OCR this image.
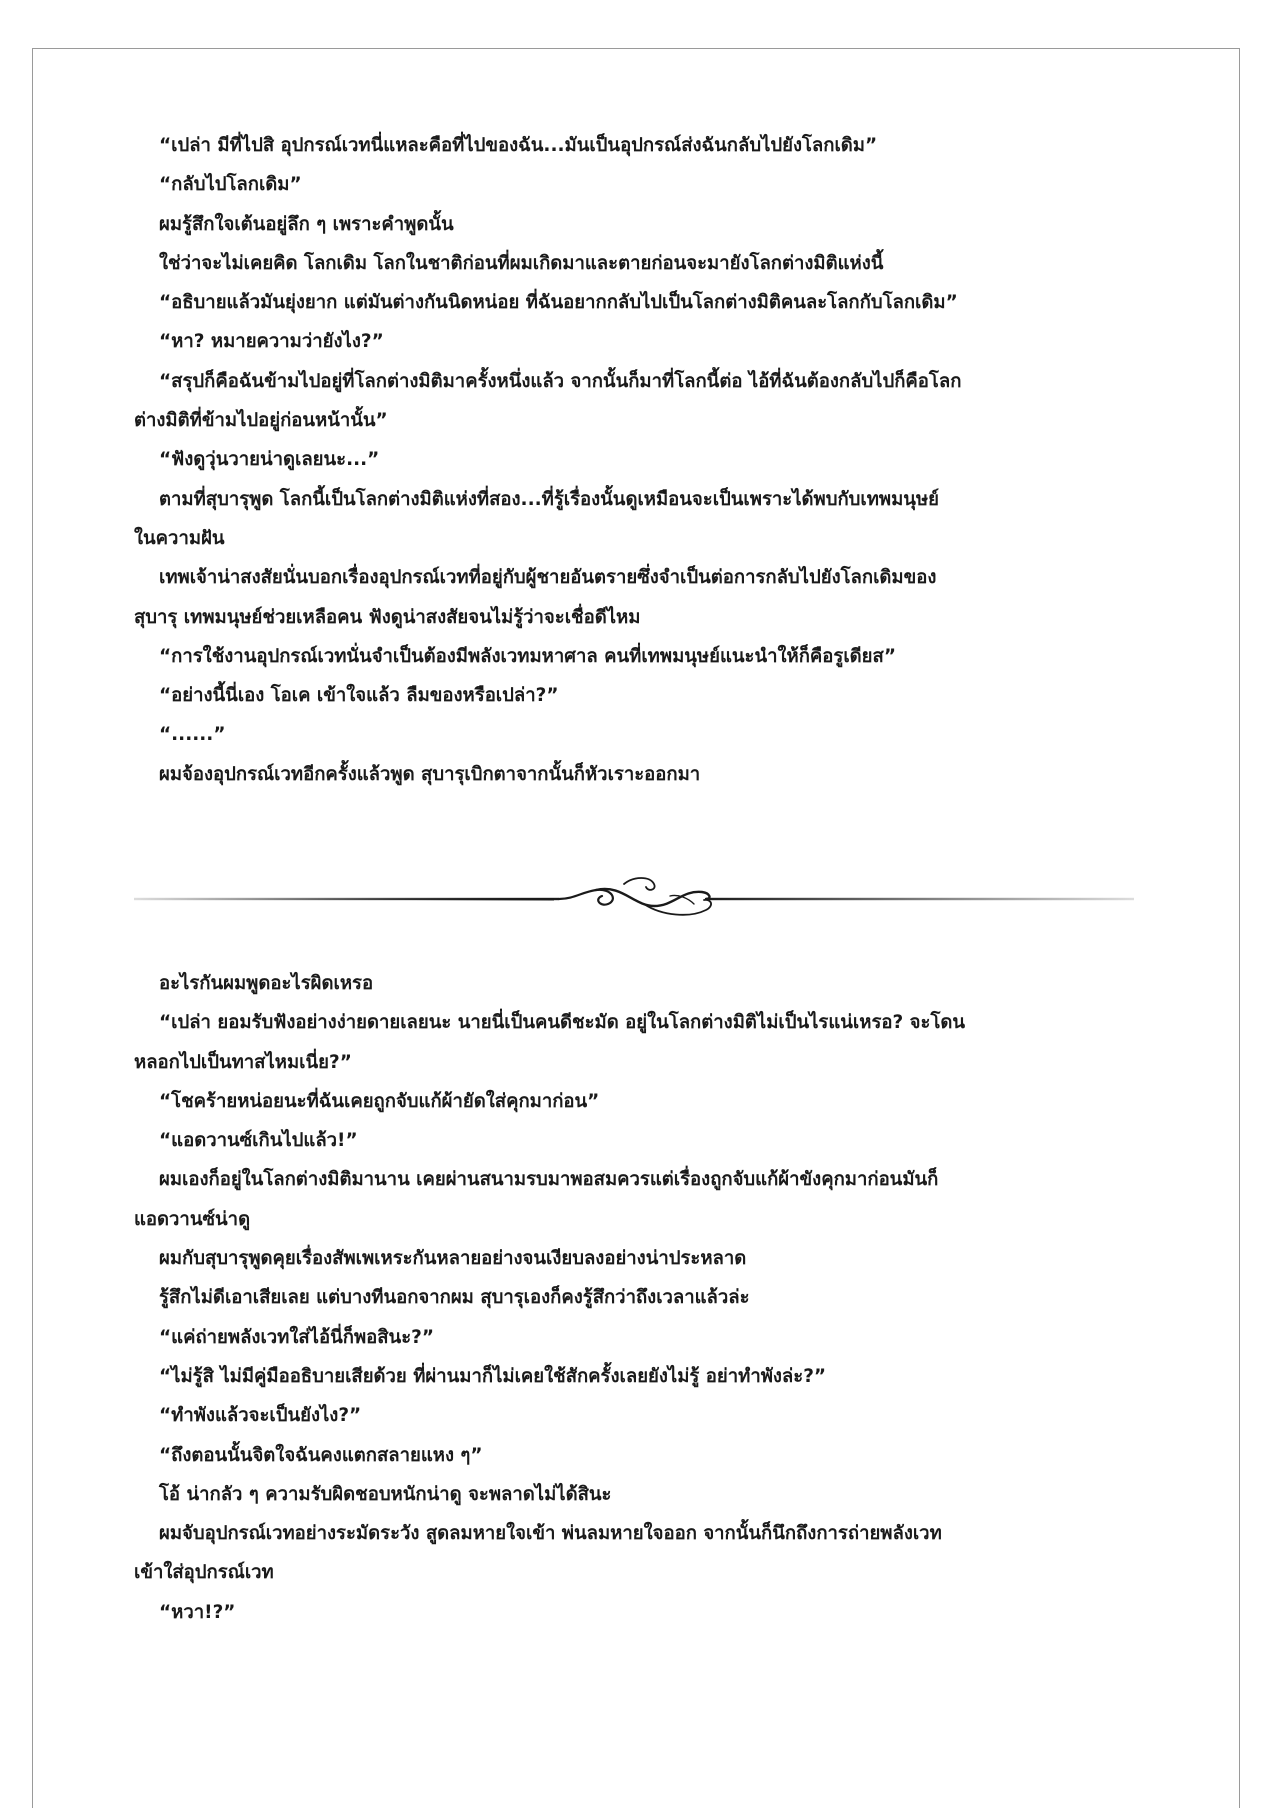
“เปล่า มีที่ไปสิ อุปกรณ์เวทนี่แหละคือที่ไปของฉัน...มันเป็นอุปกรณ์ส่งฉันกลับไปยังโลกเดิม”

“กลับไปโลกเดิม”

ผมรู้สึกใจเต้นอยู่ลึก ๆ เพราะคำพูดนั้น

ใช่ว่าจะไม่เคยคิด โลกเดิม โลกในชาติก่อนที่ผมเกิดมาและตายก่อนจะมายังโลกต่างมิติแห่งนี้

“อธิบายแล้วมันยุ่งยาก แต่มันต่างกันนิดหน่อย ที่ฉันอยากกลับไปเป็นโลกต่างมิติคนละโลกกับโลกเดิม”

“หา? หมายความว่ายังไง?”

“สรุปก็คือฉันข้ามไปอยู่ที่โลกต่างมิติมาครั้งหนึ่งแล้ว จากนั้นก็มาที่โลกนี้ต่อ ไอ้ที่ฉันต้องกลับไปก็คือโลก

ต่างมิติที่ข้ามไปอยู่ก่อนหน้านั้น”

“ฟังดูวุ่นวายน่าดูเลยนะ...”

ตามที่สุบารุพูด โลกนี้เป็นโลกต่างมิติแห่งที่สอง...ที่รู้เรื่องนั้นดูเหมือนจะเป็นเพราะได้พบกับเทพมนุษย์

ในความฝัน

เทพเจ้าน่าสงสัยนั่นบอกเรื่องอุปกรณ์เวทที่อยู่กับผู้ชายอันตรายซึ่งจำเป็นต่อการกลับไปยังโลกเดิมของ

สุบารุ เทพมนุษย์ช่วยเหลือคน ฟังดูน่าสงสัยจนไม่รู้ว่าจะเชื่อดีไหม

“การใช้งานอุปกรณ์เวทนั่นจำเป็นต้องมีพลังเวทมหาศาล คนที่เทพมนุษย์แนะนำให้ก็คือรูเดียส”

“อย่างนี้นี่เอง โอเค เข้าใจแล้ว ลืมของหรือเปล่า?”

“......”

ผมจ้องอุปกรณ์เวทอีกครั้งแล้วพูด สุบารุเบิกตาจากนั้นก็หัวเราะออกมา

อะไรกันผมพูดอะไรผิดเหรอ

“เปล่า ยอมรับฟังอย่างง่ายดายเลยนะ นายนี่เป็นคนดีชะมัด อยู่ในโลกต่างมิติไม่เป็นไรแน่เหรอ? จะโดน

หลอกไปเป็นทาสไหมเนี่ย?”

“โชคร้ายหน่อยนะที่ฉันเคยถูกจับแก้ผ้ายัดใส่คุกมาก่อน”

“แอดวานซ์เกินไปแล้ว!”

ผมเองก็อยู่ในโลกต่างมิติมานาน เคยผ่านสนามรบมาพอสมควรแต่เรื่องถูกจับแก้ผ้าขังคุกมาก่อนมันก็

แอดวานซ์น่าดู

ผมกับสุบารุพูดคุยเรื่องสัพเพเหระกันหลายอย่างจนเงียบลงอย่างน่าประหลาด

รู้สึกไม่ดีเอาเสียเลย แต่บางทีนอกจากผม สุบารุเองก็คงรู้สึกว่าถึงเวลาแล้วล่ะ

“แค่ถ่ายพลังเวทใส่ไอ้นี่ก็พอสินะ?”

“ไม่รู้สิ ไม่มีคู่มืออธิบายเสียด้วย ที่ผ่านมาก็ไม่เคยใช้สักครั้งเลยยังไม่รู้ อย่าทำพังล่ะ?”

“ทำพังแล้วจะเป็นยังไง?”

“ถึงตอนนั้นจิตใจฉันคงแตกสลายแหง ๆ”

โอ้ น่ากลัว ๆ ความรับผิดชอบหนักน่าดู จะพลาดไม่ได้สินะ

ผมจับอุปกรณ์เวทอย่างระมัดระวัง สูดลมหายใจเข้า พ่นลมหายใจออก จากนั้นก็นึกถึงการถ่ายพลังเวท

เข้าใส่อุปกรณ์เวท

“หวา!?”
